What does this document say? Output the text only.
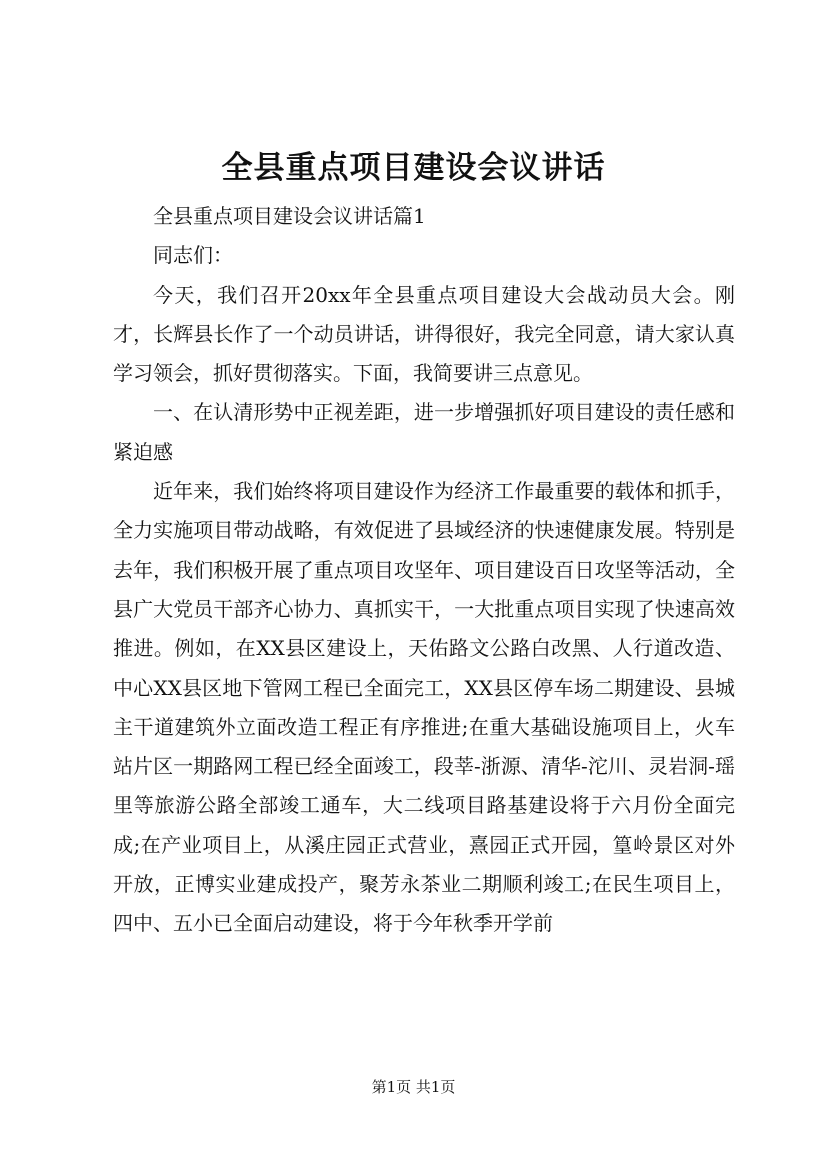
全县重点项目建设会议讲话

全县重点项目建设会议讲话篇1

同志们：

今天，我们召开20xx年全县重点项目建设大会战动员大会。刚才，长辉县长作了一个动员讲话，讲得很好，我完全同意，请大家认真学习领会，抓好贯彻落实。下面，我简要讲三点意见。

一、在认清形势中正视差距，进一步增强抓好项目建设的责任感和紧迫感

近年来，我们始终将项目建设作为经济工作最重要的载体和抓手，全力实施项目带动战略，有效促进了县域经济的快速健康发展。特别是去年，我们积极开展了重点项目攻坚年、项目建设百日攻坚等活动，全县广大党员干部齐心协力、真抓实干，一大批重点项目实现了快速高效推进。例如，在XX县区建设上，天佑路文公路白改黑、人行道改造、中心XX县区地下管网工程已全面完工，XX县区停车场二期建设、县城主干道建筑外立面改造工程正有序推进;在重大基础设施项目上，火车站片区一期路网工程已经全面竣工，段莘-浙源、清华-沱川、灵岩洞-瑶里等旅游公路全部竣工通车，大二线项目路基建设将于六月份全面完成;在产业项目上，从溪庄园正式营业，熹园正式开园，篁岭景区对外开放，正博实业建成投产，聚芳永茶业二期顺利竣工;在民生项目上，四中、五小已全面启动建设，将于今年秋季开学前

第1页 共1页
